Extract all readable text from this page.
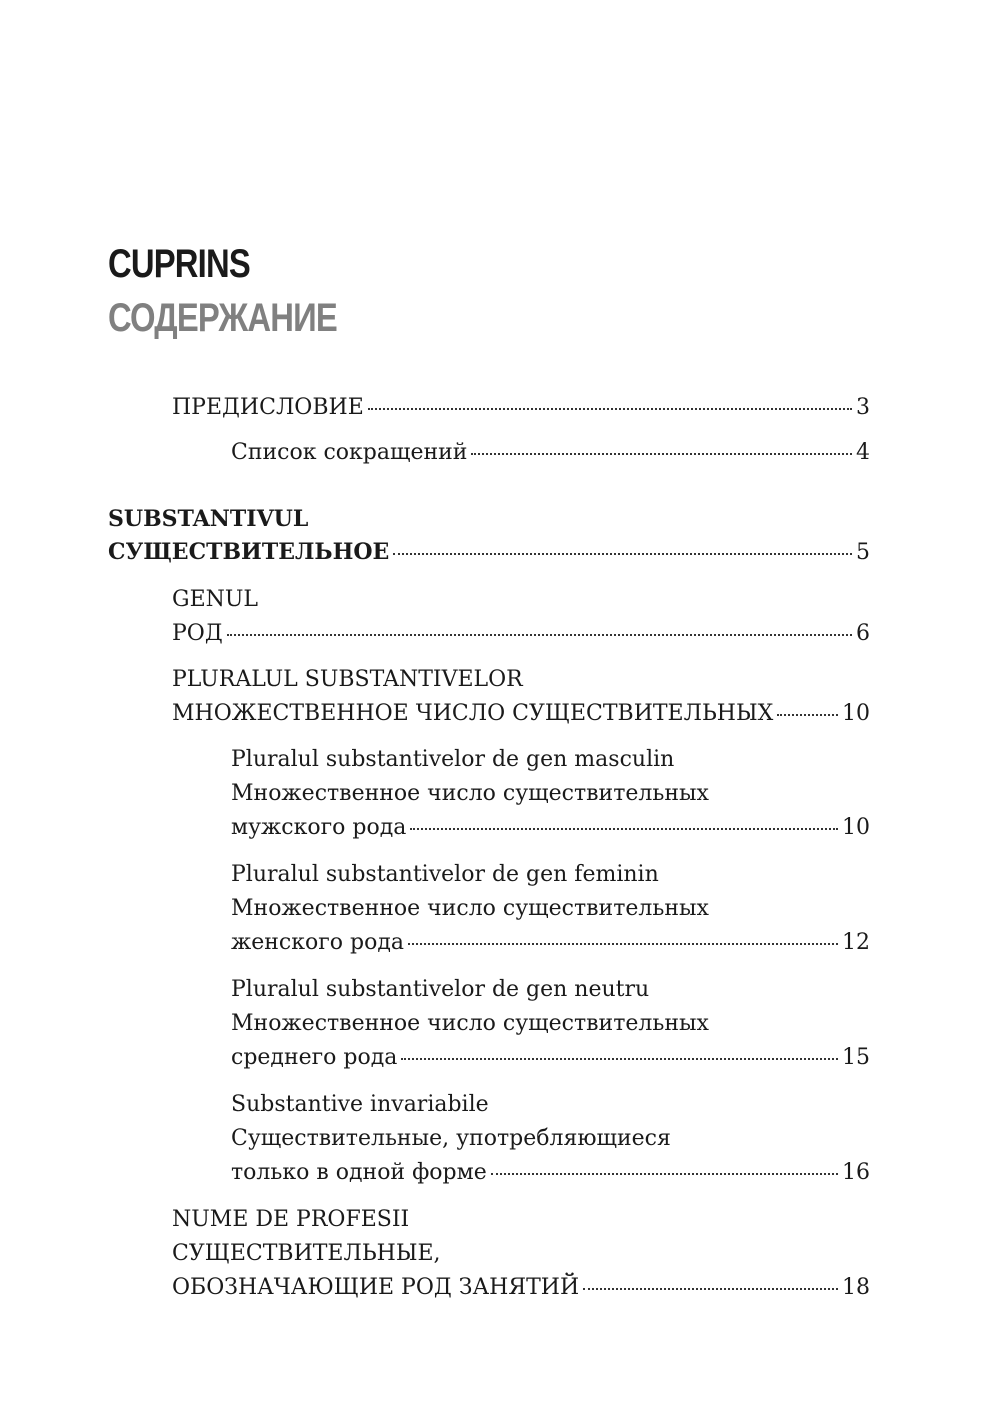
CUPRINS
СОДЕРЖАНИЕ
ПРЕДИСЛОВИЕ	3
Список сокращений	4
SUBSTANTIVUL
СУЩЕСТВИТЕЛЬНОЕ	5
GENUL
РОД	6
PLURALUL SUBSTANTIVELOR
МНОЖЕСТВЕННОЕ ЧИСЛО СУЩЕСТВИТЕЛЬНЫХ	10
Pluralul substantivelor de gen masculin
Множественное число существительных
мужского рода	10
Pluralul substantivelor de gen feminin
Множественное число существительных
женского рода	12
Pluralul substantivelor de gen neutru
Множественное число существительных
среднего рода	15
Substantive invariabile
Существительные, употребляющиеся
только в одной форме	16
NUME DE PROFESII
СУЩЕСТВИТЕЛЬНЫЕ,
ОБОЗНАЧАЮЩИЕ РОД ЗАНЯТИЙ	18
